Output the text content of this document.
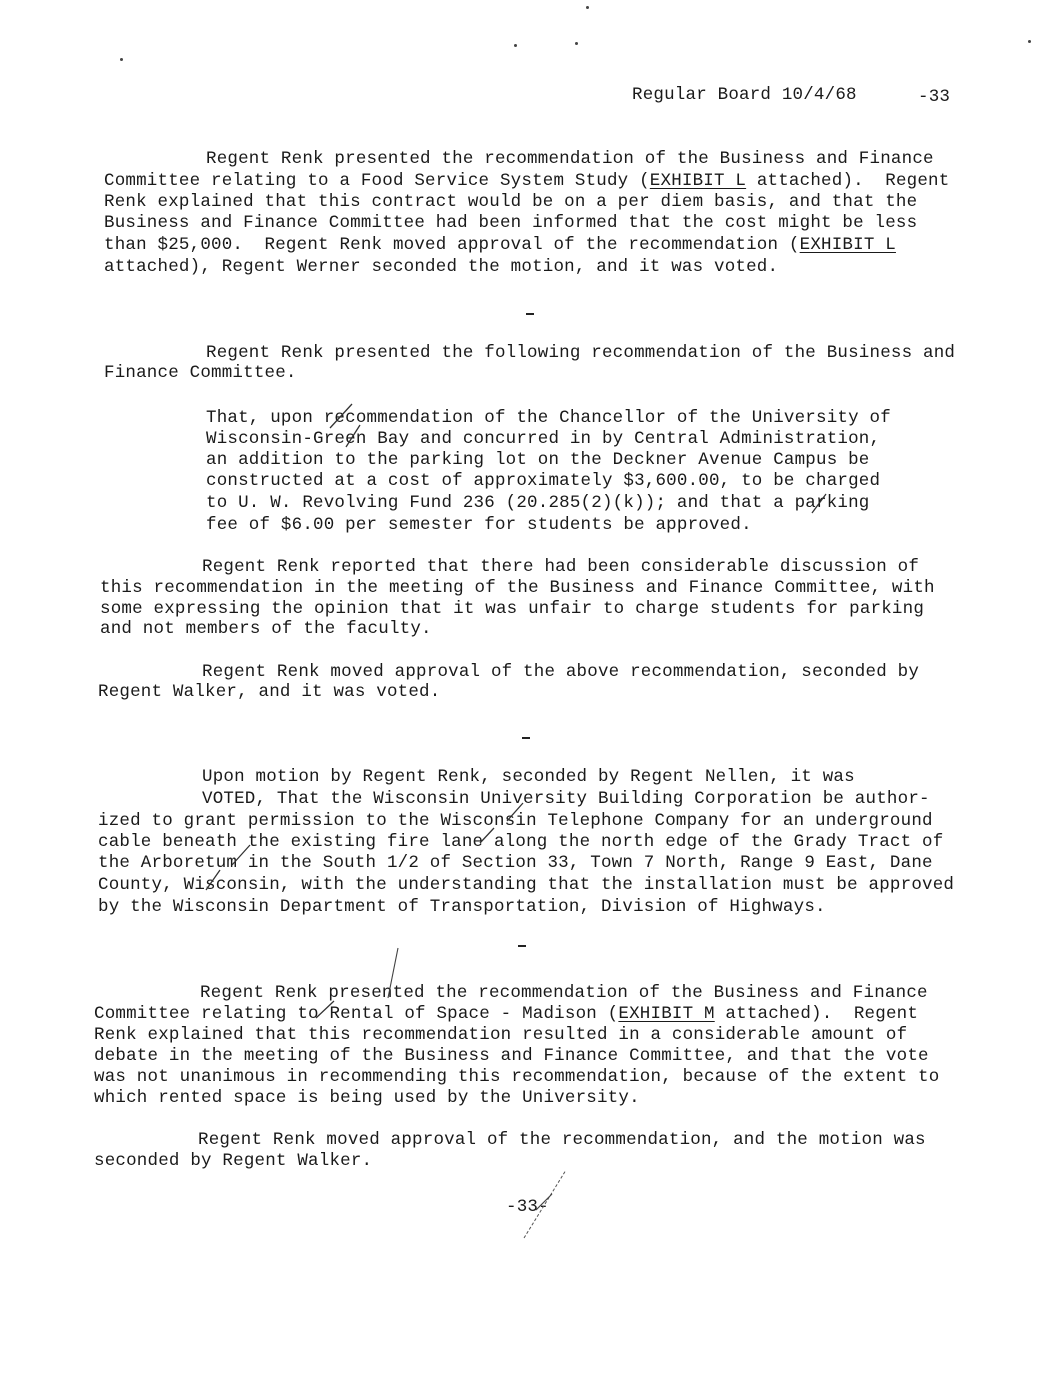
Regular Board 10/4/68	-33
Regent Renk presented the recommendation of the Business and Finance
Committee relating to a Food Service System Study (EXHIBIT L attached).  Regent
Renk explained that this contract would be on a per diem basis, and that the
Business and Finance Committee had been informed that the cost might be less
than $25,000.  Regent Renk moved approval of the recommendation (EXHIBIT L
attached), Regent Werner seconded the motion, and it was voted.
Regent Renk presented the following recommendation of the Business and
Finance Committee.
That, upon recommendation of the Chancellor of the University of
Wisconsin-Green Bay and concurred in by Central Administration,
an addition to the parking lot on the Deckner Avenue Campus be
constructed at a cost of approximately $3,600.00, to be charged
to U. W. Revolving Fund 236 (20.285(2)(k)); and that a parking
fee of $6.00 per semester for students be approved.
Regent Renk reported that there had been considerable discussion of
this recommendation in the meeting of the Business and Finance Committee, with
some expressing the opinion that it was unfair to charge students for parking
and not members of the faculty.
Regent Renk moved approval of the above recommendation, seconded by
Regent Walker, and it was voted.
Upon motion by Regent Renk, seconded by Regent Nellen, it was
VOTED, That the Wisconsin University Building Corporation be author-
ized to grant permission to the Wisconsin Telephone Company for an underground
cable beneath the existing fire lane along the north edge of the Grady Tract of
the Arboretum in the South 1/2 of Section 33, Town 7 North, Range 9 East, Dane
County, Wisconsin, with the understanding that the installation must be approved
by the Wisconsin Department of Transportation, Division of Highways.
Regent Renk presented the recommendation of the Business and Finance
Committee relating to Rental of Space - Madison (EXHIBIT M attached).  Regent
Renk explained that this recommendation resulted in a considerable amount of
debate in the meeting of the Business and Finance Committee, and that the vote
was not unanimous in recommending this recommendation, because of the extent to
which rented space is being used by the University.
Regent Renk moved approval of the recommendation, and the motion was
seconded by Regent Walker.
-33-
